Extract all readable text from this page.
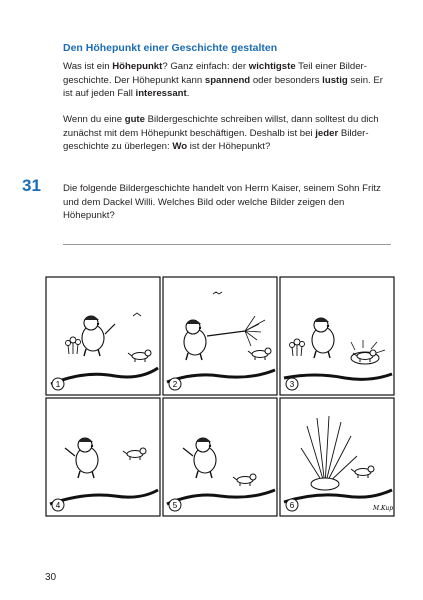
Den Höhepunkt einer Geschichte gestalten
Was ist ein Höhepunkt? Ganz einfach: der wichtigste Teil einer Bildergeschichte. Der Höhepunkt kann spannend oder besonders lustig sein. Er ist auf jeden Fall interessant.
Wenn du eine gute Bildergeschichte schreiben willst, dann solltest du dich zunächst mit dem Höhepunkt beschäftigen. Deshalb ist bei jeder Bildergeschichte zu überlegen: Wo ist der Höhepunkt?
31 Die folgende Bildergeschichte handelt von Herrn Kaiser, seinem Sohn Fritz und dem Dackel Willi. Welches Bild oder welche Bilder zeigen den Höhepunkt?
1	2	3
4	5	M.Kup
6
30
